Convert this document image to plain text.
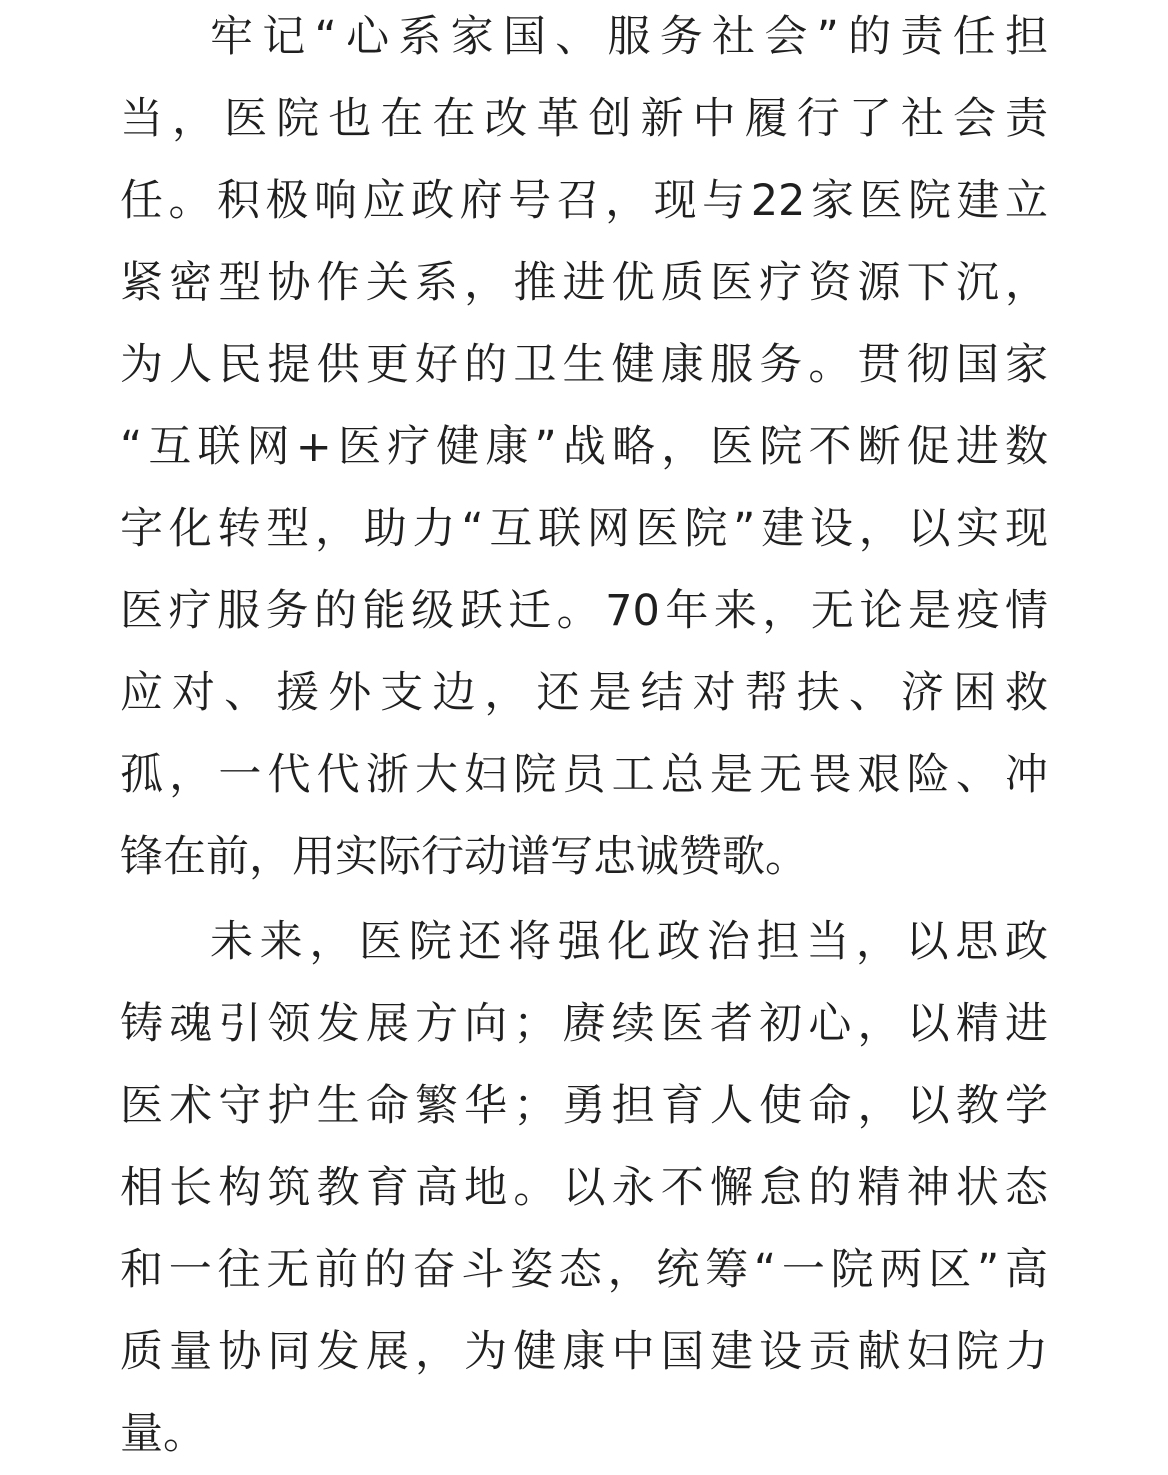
牢记“心系家国、服务社会”的责任担
当，医院也在在改革创新中履行了社会责
任。积极响应政府号召，现与22家医院建立
紧密型协作关系，推进优质医疗资源下沉，
为人民提供更好的卫生健康服务。贯彻国家
“互联网+医疗健康”战略，医院不断促进数
字化转型，助力“互联网医院”建设，以实现
医疗服务的能级跃迁。70年来，无论是疫情
应对、援外支边，还是结对帮扶、济困救
孤，一代代浙大妇院员工总是无畏艰险、冲
锋在前，用实际行动谱写忠诚赞歌。
未来，医院还将强化政治担当，以思政
铸魂引领发展方向；赓续医者初心，以精进
医术守护生命繁华；勇担育人使命，以教学
相长构筑教育高地。以永不懈怠的精神状态
和一往无前的奋斗姿态，统筹“一院两区”高
质量协同发展，为健康中国建设贡献妇院力
量。
